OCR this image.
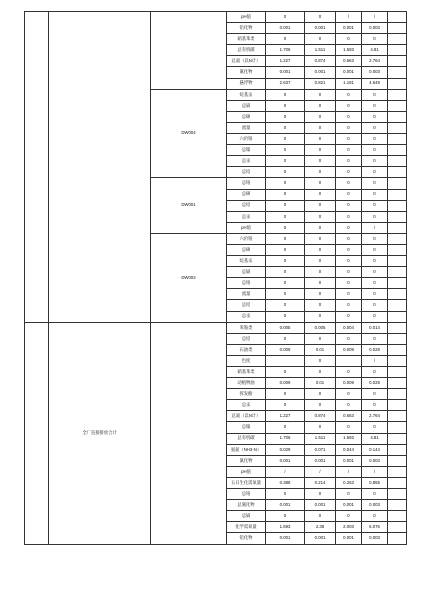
			pH值	0	0	/	/		
			铅化物	0.001	0.001	0.001	0.003		
			硝基苯类	0	0	0	0		
			总有机碳	1.706	1.511	1.593	4.81		
			总氮（以N计）	1.227	0.874	0.663	2.764		
			氰化物	0.001	0.001	0.001	0.003		
			悬浮物	2.637	0.821	1.191	4.649		
		DW004	烷基汞	0	0	0	0		
			总镉	0	0	0	0		
			总砷	0	0	0	0		
			流量	0	0	0	0		
			六价铬	0	0	0	0		
			总镍	0	0	0	0		
			总汞	0	0	0	0		
			总铅	0	0	0	0		
		DW001	总铬	0	0	0	0		
			总砷	0	0	0	0		
			总铅	0	0	0	0		
			总汞	0	0	0	0		
			pH值	0	0	0	/		
		DW002	六价铬	0	0	0	0		
			总砷	0	0	0	0		
			烷基汞	0	0	0	0		
			总镉	0	0	0	0		
			总铬	0	0	0	0		
			流量	0	0	0	0		
			总铅	0	0	0	0		
			总汞	0	0	0	0		
	全厂直接排放合计		苯胺类	0.005	0.005	0.004	0.014		
			总铅	0	0	0	0		
			石油类	0.009	0.01	0.009	0.028		
			色度		0		/		
			硝基苯类	0	0	0	0		
			动植物油	0.009	0.01	0.009	0.028		
			挥发酚	0	0	0	0		
			总汞	0	0	0	0		
			总氮（以N计）	1.227	0.874	0.663	2.764		
			总镍	0	0	0	0		
			总有机碳	1.706	1.511	1.593	4.81		
			氨氮（NH3-N）	0.029	0.071	0.044	0.144		
			氰化物	0.001	0.001	0.001	0.003		
			pH值	/	/	/	/		
			五日生化需氧量	0.388	0.214	0.253	0.855		
			总铬	0	0	0	0		
			总氰化物	0.001	0.001	0.001	0.003		
			总镉	0	0	0	0		
			化学需氧量	1.693	2.38	2.003	6.076		
			铅化物	0.001	0.001	0.001	0.003		
